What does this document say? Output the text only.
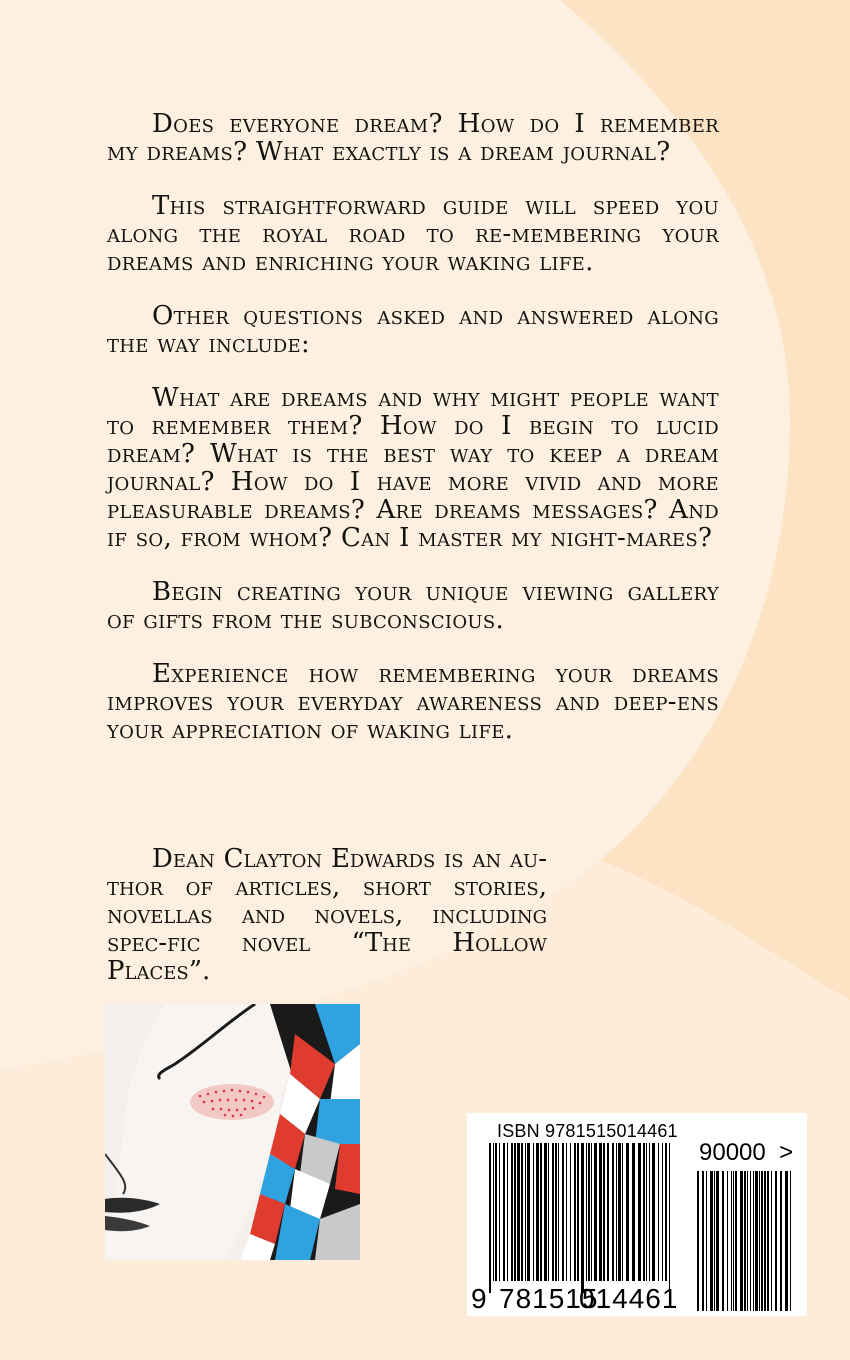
Does everyone dream? How do I remember my dreams? What exactly is a dream journal?

This straightforward guide will speed you along the royal road to re-membering your dreams and enriching your waking life.

Other questions asked and answered along the way include:

What are dreams and why might people want to remember them? How do I begin to lucid dream? What is the best way to keep a dream journal? How do I have more vivid and more pleasurable dreams? Are dreams messages? And if so, from whom? Can I master my night-mares?

Begin creating your unique viewing gallery of gifts from the subconscious.

Experience how remembering your dreams improves your everyday awareness and deep-ens your appreciation of waking life.

Dean Clayton Edwards is an au-thor of articles, short stories, novellas and novels, including spec-fic novel “The Hollow Places”.

ISBN 9781515014461
90000 >
9 781515
014461
